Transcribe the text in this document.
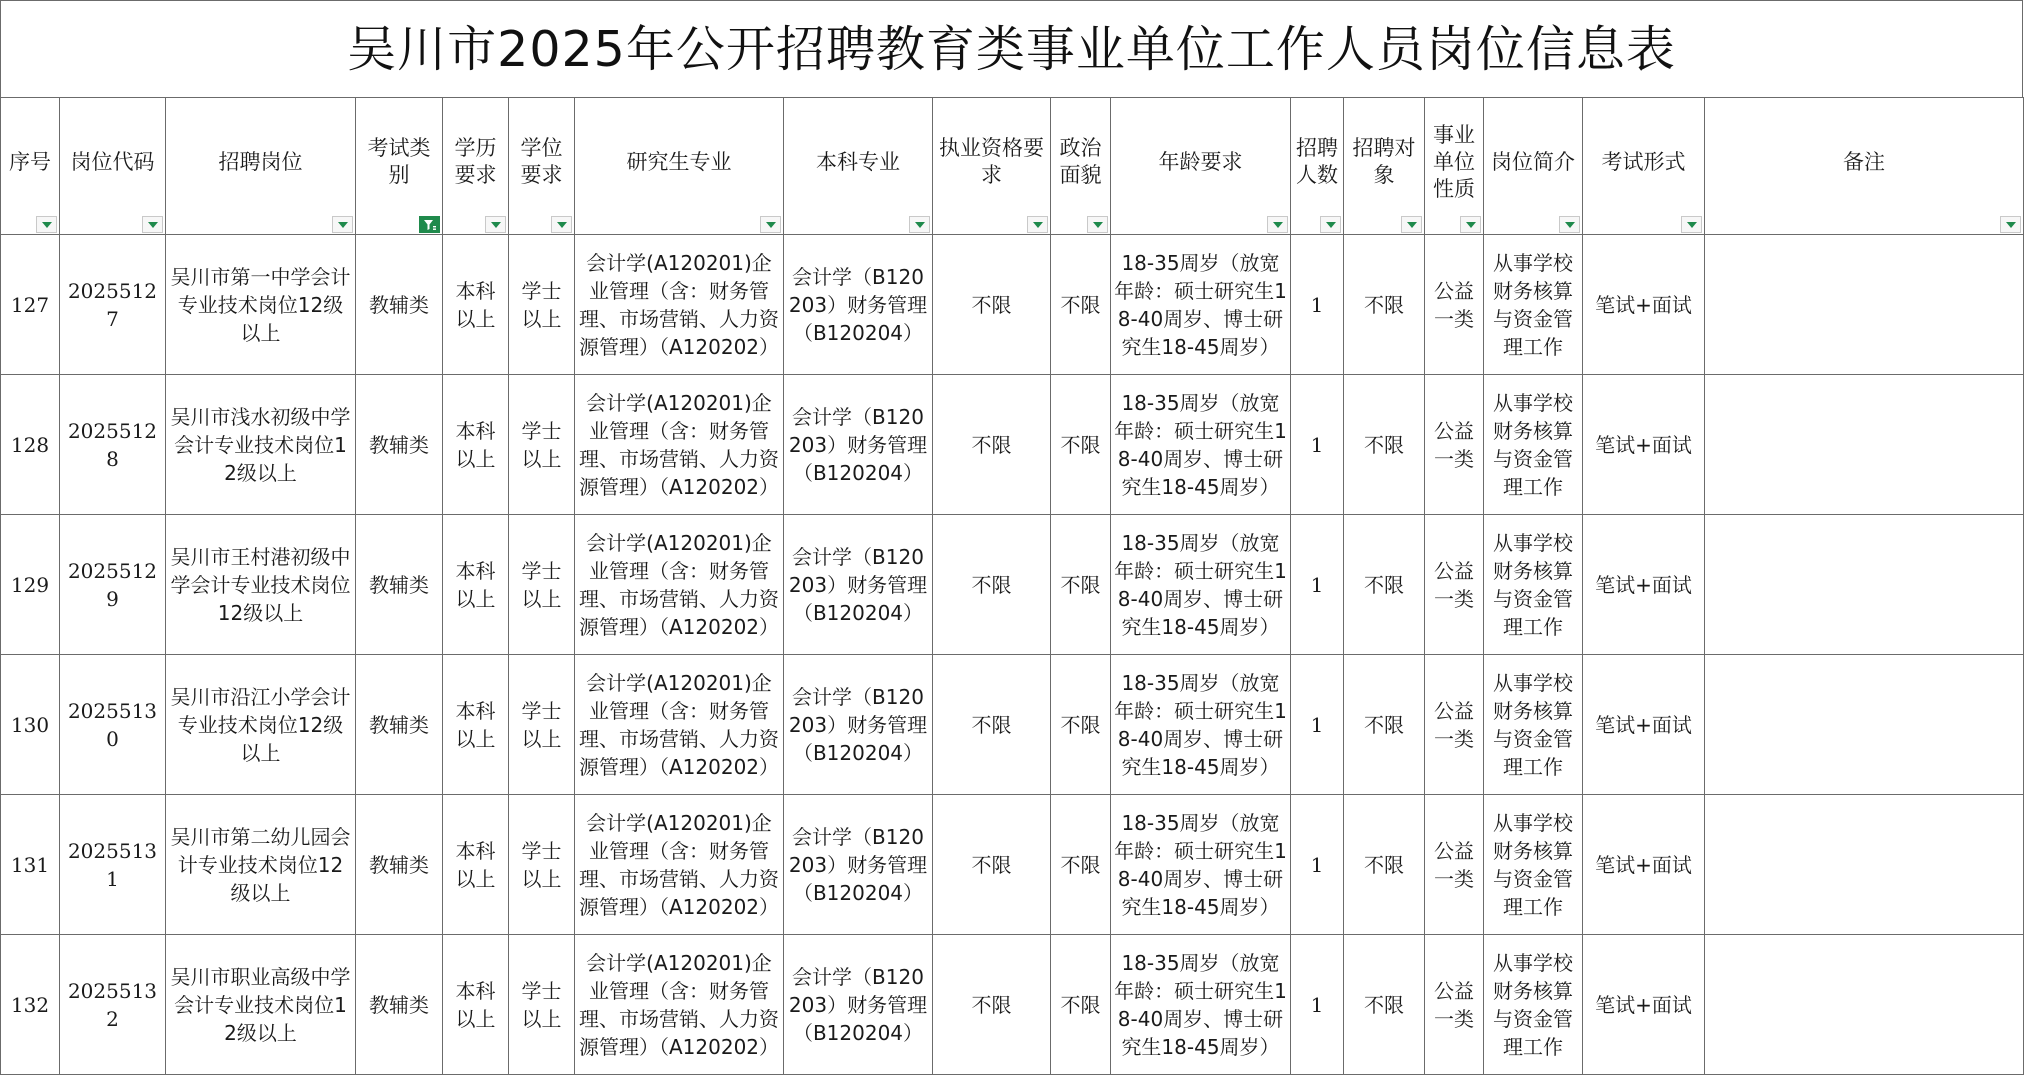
吴川市2025年公开招聘教育类事业单位工作人员岗位信息表
序号	岗位代码	招聘岗位	考试类别	学历要求	学位要求	研究生专业	本科专业	执业资格要求	政治面貌	年龄要求	招聘人数	招聘对象	事业单位性质	岗位简介	考试形式	备注

127	20255127	吴川市第一中学会计专业技术岗位12级以上	教辅类	本科以上	学士以上	会计学(A120201)企业管理（含：财务管理、市场营销、人力资源管理）（A120202）	会计学（B120203）财务管理（B120204）	不限	不限	18-35周岁（放宽年龄：硕士研究生18-40周岁、博士研究生18-45周岁）	1	不限	公益一类	从事学校财务核算与资金管理工作	笔试+面试	

128	20255128	吴川市浅水初级中学会计专业技术岗位12级以上	教辅类	本科以上	学士以上	会计学(A120201)企业管理（含：财务管理、市场营销、人力资源管理）（A120202）	会计学（B120203）财务管理（B120204）	不限	不限	18-35周岁（放宽年龄：硕士研究生18-40周岁、博士研究生18-45周岁）	1	不限	公益一类	从事学校财务核算与资金管理工作	笔试+面试	

129	20255129	吴川市王村港初级中学会计专业技术岗位12级以上	教辅类	本科以上	学士以上	会计学(A120201)企业管理（含：财务管理、市场营销、人力资源管理）（A120202）	会计学（B120203）财务管理（B120204）	不限	不限	18-35周岁（放宽年龄：硕士研究生18-40周岁、博士研究生18-45周岁）	1	不限	公益一类	从事学校财务核算与资金管理工作	笔试+面试	

130	20255130	吴川市沿江小学会计专业技术岗位12级以上	教辅类	本科以上	学士以上	会计学(A120201)企业管理（含：财务管理、市场营销、人力资源管理）（A120202）	会计学（B120203）财务管理（B120204）	不限	不限	18-35周岁（放宽年龄：硕士研究生18-40周岁、博士研究生18-45周岁）	1	不限	公益一类	从事学校财务核算与资金管理工作	笔试+面试	

131	20255131	吴川市第二幼儿园会计专业技术岗位12级以上	教辅类	本科以上	学士以上	会计学(A120201)企业管理（含：财务管理、市场营销、人力资源管理）（A120202）	会计学（B120203）财务管理（B120204）	不限	不限	18-35周岁（放宽年龄：硕士研究生18-40周岁、博士研究生18-45周岁）	1	不限	公益一类	从事学校财务核算与资金管理工作	笔试+面试	

132	20255132	吴川市职业高级中学会计专业技术岗位12级以上	教辅类	本科以上	学士以上	会计学(A120201)企业管理（含：财务管理、市场营销、人力资源管理）（A120202）	会计学（B120203）财务管理（B120204）	不限	不限	18-35周岁（放宽年龄：硕士研究生18-40周岁、博士研究生18-45周岁）	1	不限	公益一类	从事学校财务核算与资金管理工作	笔试+面试	
